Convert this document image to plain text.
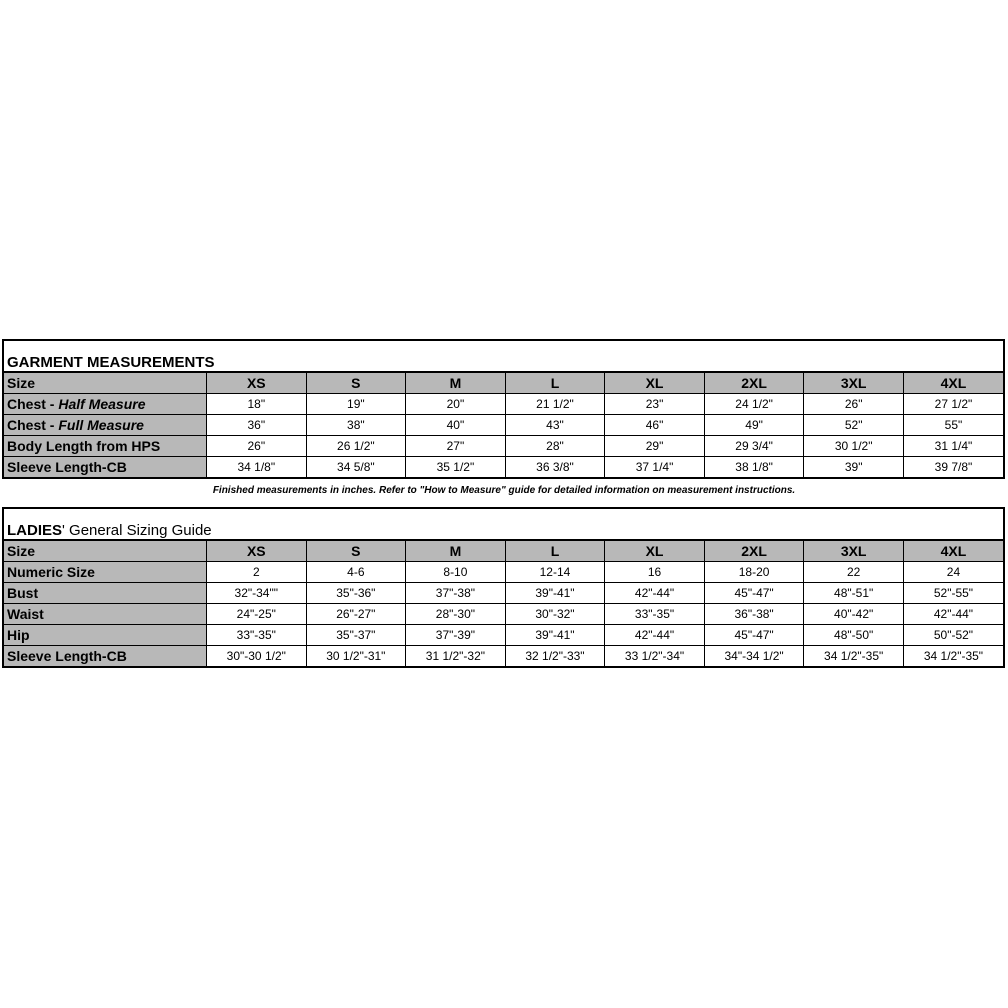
GARMENT MEASUREMENTS
Size	XS	S	M	L	XL	2XL	3XL	4XL
Chest - Half Measure	18"	19"	20"	21 1/2"	23"	24 1/2"	26"	27 1/2"
Chest - Full Measure	36"	38"	40"	43"	46"	49"	52"	55"
Body Length from HPS	26"	26 1/2"	27"	28"	29"	29 3/4"	30 1/2"	31 1/4"
Sleeve Length-CB	34 1/8"	34 5/8"	35 1/2"	36 3/8"	37 1/4"	38 1/8"	39"	39 7/8"
Finished measurements in inches. Refer to "How to Measure" guide for detailed information on measurement instructions.
LADIES' General Sizing Guide
Size	XS	S	M	L	XL	2XL	3XL	4XL
Numeric Size	2	4-6	8-10	12-14	16	18-20	22	24
Bust	32"-34""	35"-36"	37"-38"	39"-41"	42"-44"	45"-47"	48"-51"	52"-55"
Waist	24"-25"	26"-27"	28"-30"	30"-32"	33"-35"	36"-38"	40"-42"	42"-44"
Hip	33"-35"	35"-37"	37"-39"	39"-41"	42"-44"	45"-47"	48"-50"	50"-52"
Sleeve Length-CB	30"-30 1/2"	30 1/2"-31"	31 1/2"-32"	32 1/2"-33"	33 1/2"-34"	34"-34 1/2"	34 1/2"-35"	34 1/2"-35"
